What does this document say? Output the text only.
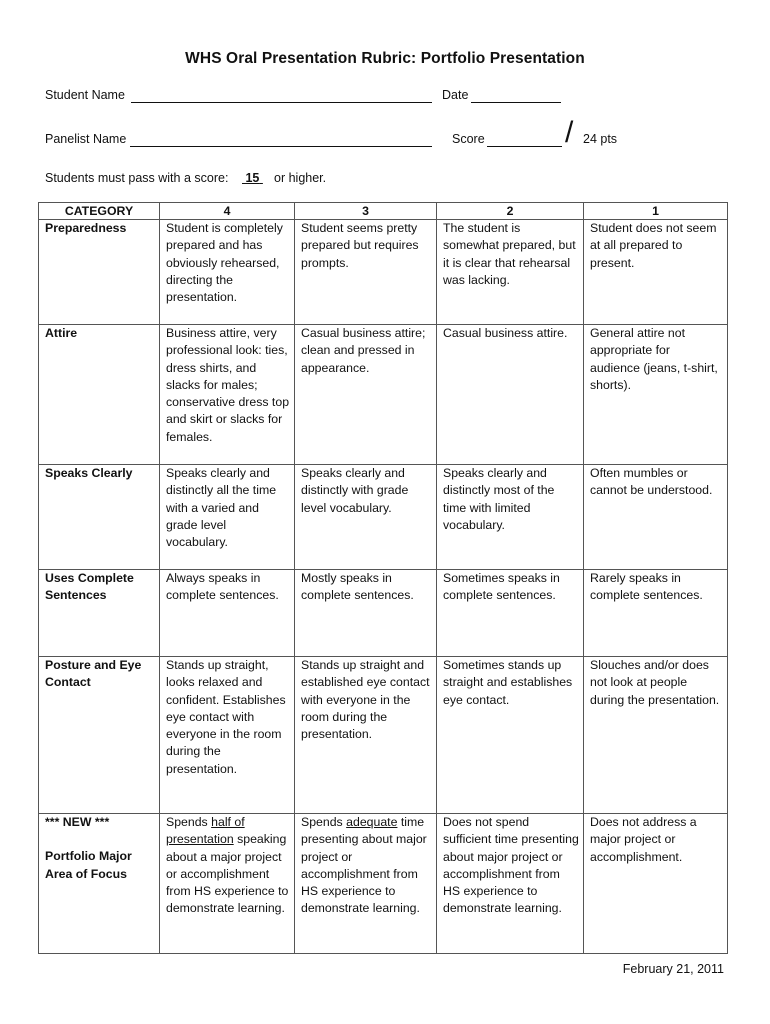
WHS Oral Presentation Rubric: Portfolio Presentation
Student Name	Date
Panelist Name	Score	/ 24 pts
Students must pass with a score: 15 or higher.
CATEGORY	4	3	2	1
Preparedness	Student is completely prepared and has obviously rehearsed, directing the presentation.	Student seems pretty prepared but requires prompts.	The student is somewhat prepared, but it is clear that rehearsal was lacking.	Student does not seem at all prepared to present.
Attire	Business attire, very professional look: ties, dress shirts, and slacks for males; conservative dress top and skirt or slacks for females.	Casual business attire; clean and pressed in appearance.	Casual business attire.	General attire not appropriate for audience (jeans, t-shirt, shorts).
Speaks Clearly	Speaks clearly and distinctly all the time with a varied and grade level vocabulary.	Speaks clearly and distinctly with grade level vocabulary.	Speaks clearly and distinctly most of the time with limited vocabulary.	Often mumbles or cannot be understood.
Uses Complete Sentences	Always speaks in complete sentences.	Mostly speaks in complete sentences.	Sometimes speaks in complete sentences.	Rarely speaks in complete sentences.
Posture and Eye Contact	Stands up straight, looks relaxed and confident. Establishes eye contact with everyone in the room during the presentation.	Stands up straight and established eye contact with everyone in the room during the presentation.	Sometimes stands up straight and establishes eye contact.	Slouches and/or does not look at people during the presentation.

*** NEW ***
Portfolio Major Area of Focus	Spends half of presentation speaking about a major project or accomplishment from HS experience to demonstrate learning.	Spends adequate time presenting about major project or accomplishment from HS experience to demonstrate learning.	Does not spend sufficient time presenting about major project or accomplishment from HS experience to demonstrate learning.	Does not address a major project or accomplishment.
February 21, 2011
